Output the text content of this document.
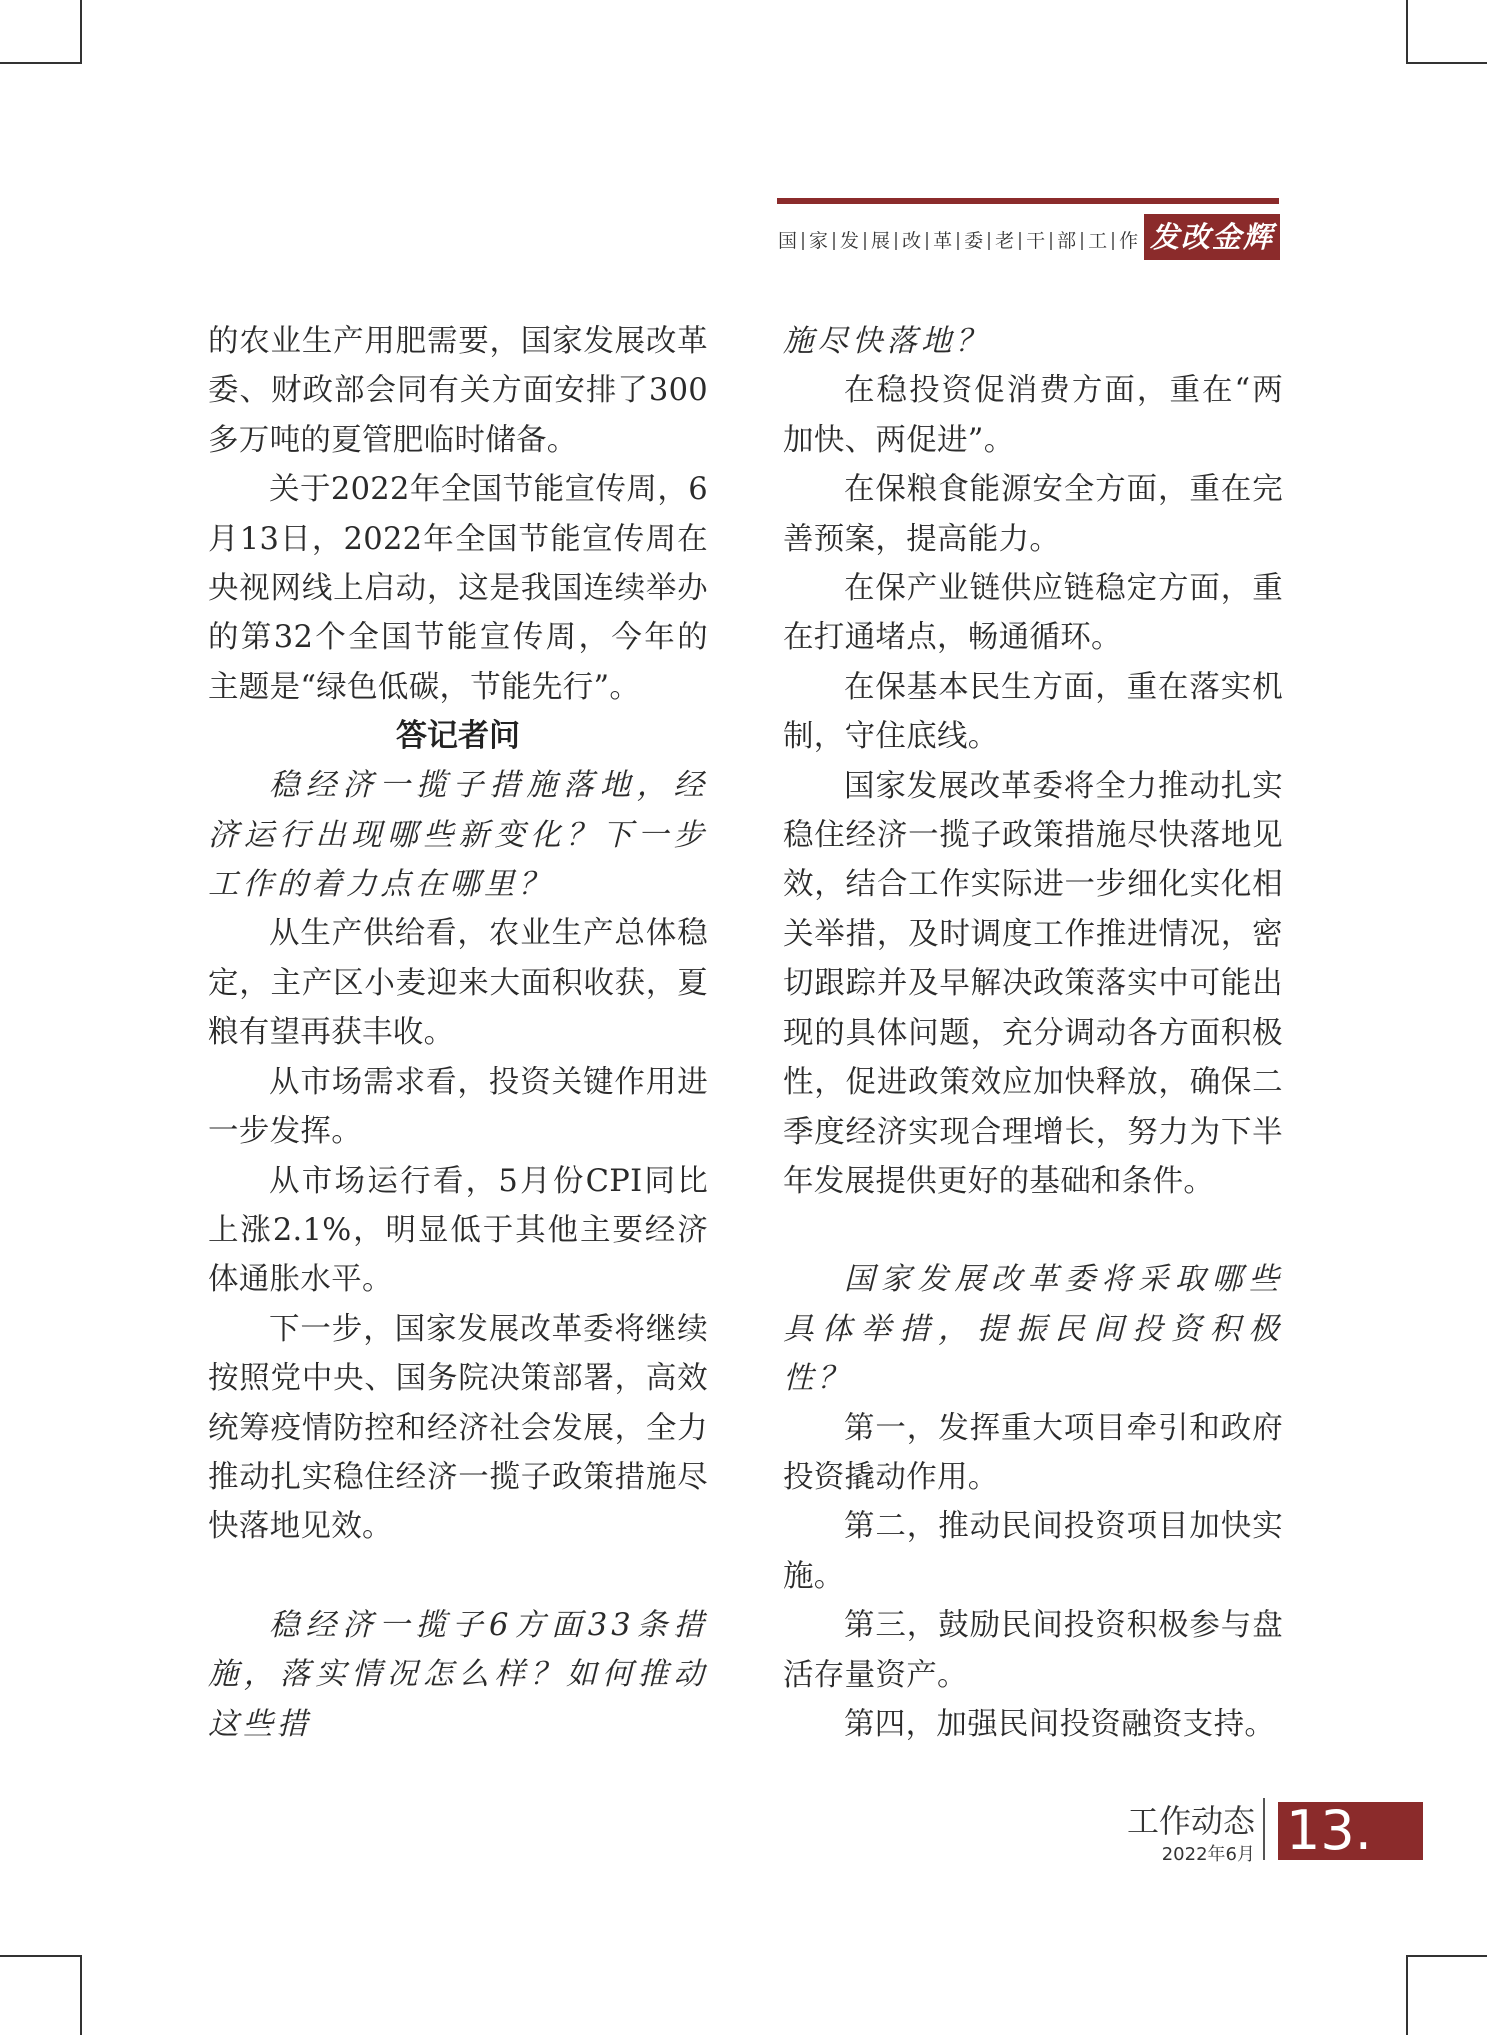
国 家 发 展 改 革 委 老 干 部 工 作 发改金辉

的农业生产用肥需要，国家发展改革委、财政部会同有关方面安排了300多万吨的夏管肥临时储备。

关于2022年全国节能宣传周，6月13日，2022年全国节能宣传周在央视网线上启动，这是我国连续举办的第32个全国节能宣传周，今年的主题是“绿色低碳，节能先行”。

答记者问

稳经济一揽子措施落地，经济运行出现哪些新变化？下一步工作的着力点在哪里？

从生产供给看，农业生产总体稳定，主产区小麦迎来大面积收获，夏粮有望再获丰收。

从市场需求看，投资关键作用进一步发挥。

从市场运行看，5月份CPI同比上涨2.1%，明显低于其他主要经济体通胀水平。

下一步，国家发展改革委将继续按照党中央、国务院决策部署，高效统筹疫情防控和经济社会发展，全力推动扎实稳住经济一揽子政策措施尽快落地见效。

稳经济一揽子6方面33条措施，落实情况怎么样？如何推动这些措

施尽快落地？

在稳投资促消费方面，重在“两加快、两促进”。

在保粮食能源安全方面，重在完善预案，提高能力。

在保产业链供应链稳定方面，重在打通堵点，畅通循环。

在保基本民生方面，重在落实机制，守住底线。

国家发展改革委将全力推动扎实稳住经济一揽子政策措施尽快落地见效，结合工作实际进一步细化实化相关举措，及时调度工作推进情况，密切跟踪并及早解决政策落实中可能出现的具体问题，充分调动各方面积极性，促进政策效应加快释放，确保二季度经济实现合理增长，努力为下半年发展提供更好的基础和条件。

国家发展改革委将采取哪些具体举措，提振民间投资积极性？

第一，发挥重大项目牵引和政府投资撬动作用。

第二，推动民间投资项目加快实施。

第三，鼓励民间投资积极参与盘活存量资产。

第四，加强民间投资融资支持。

工作动态
2022年6月 13.
